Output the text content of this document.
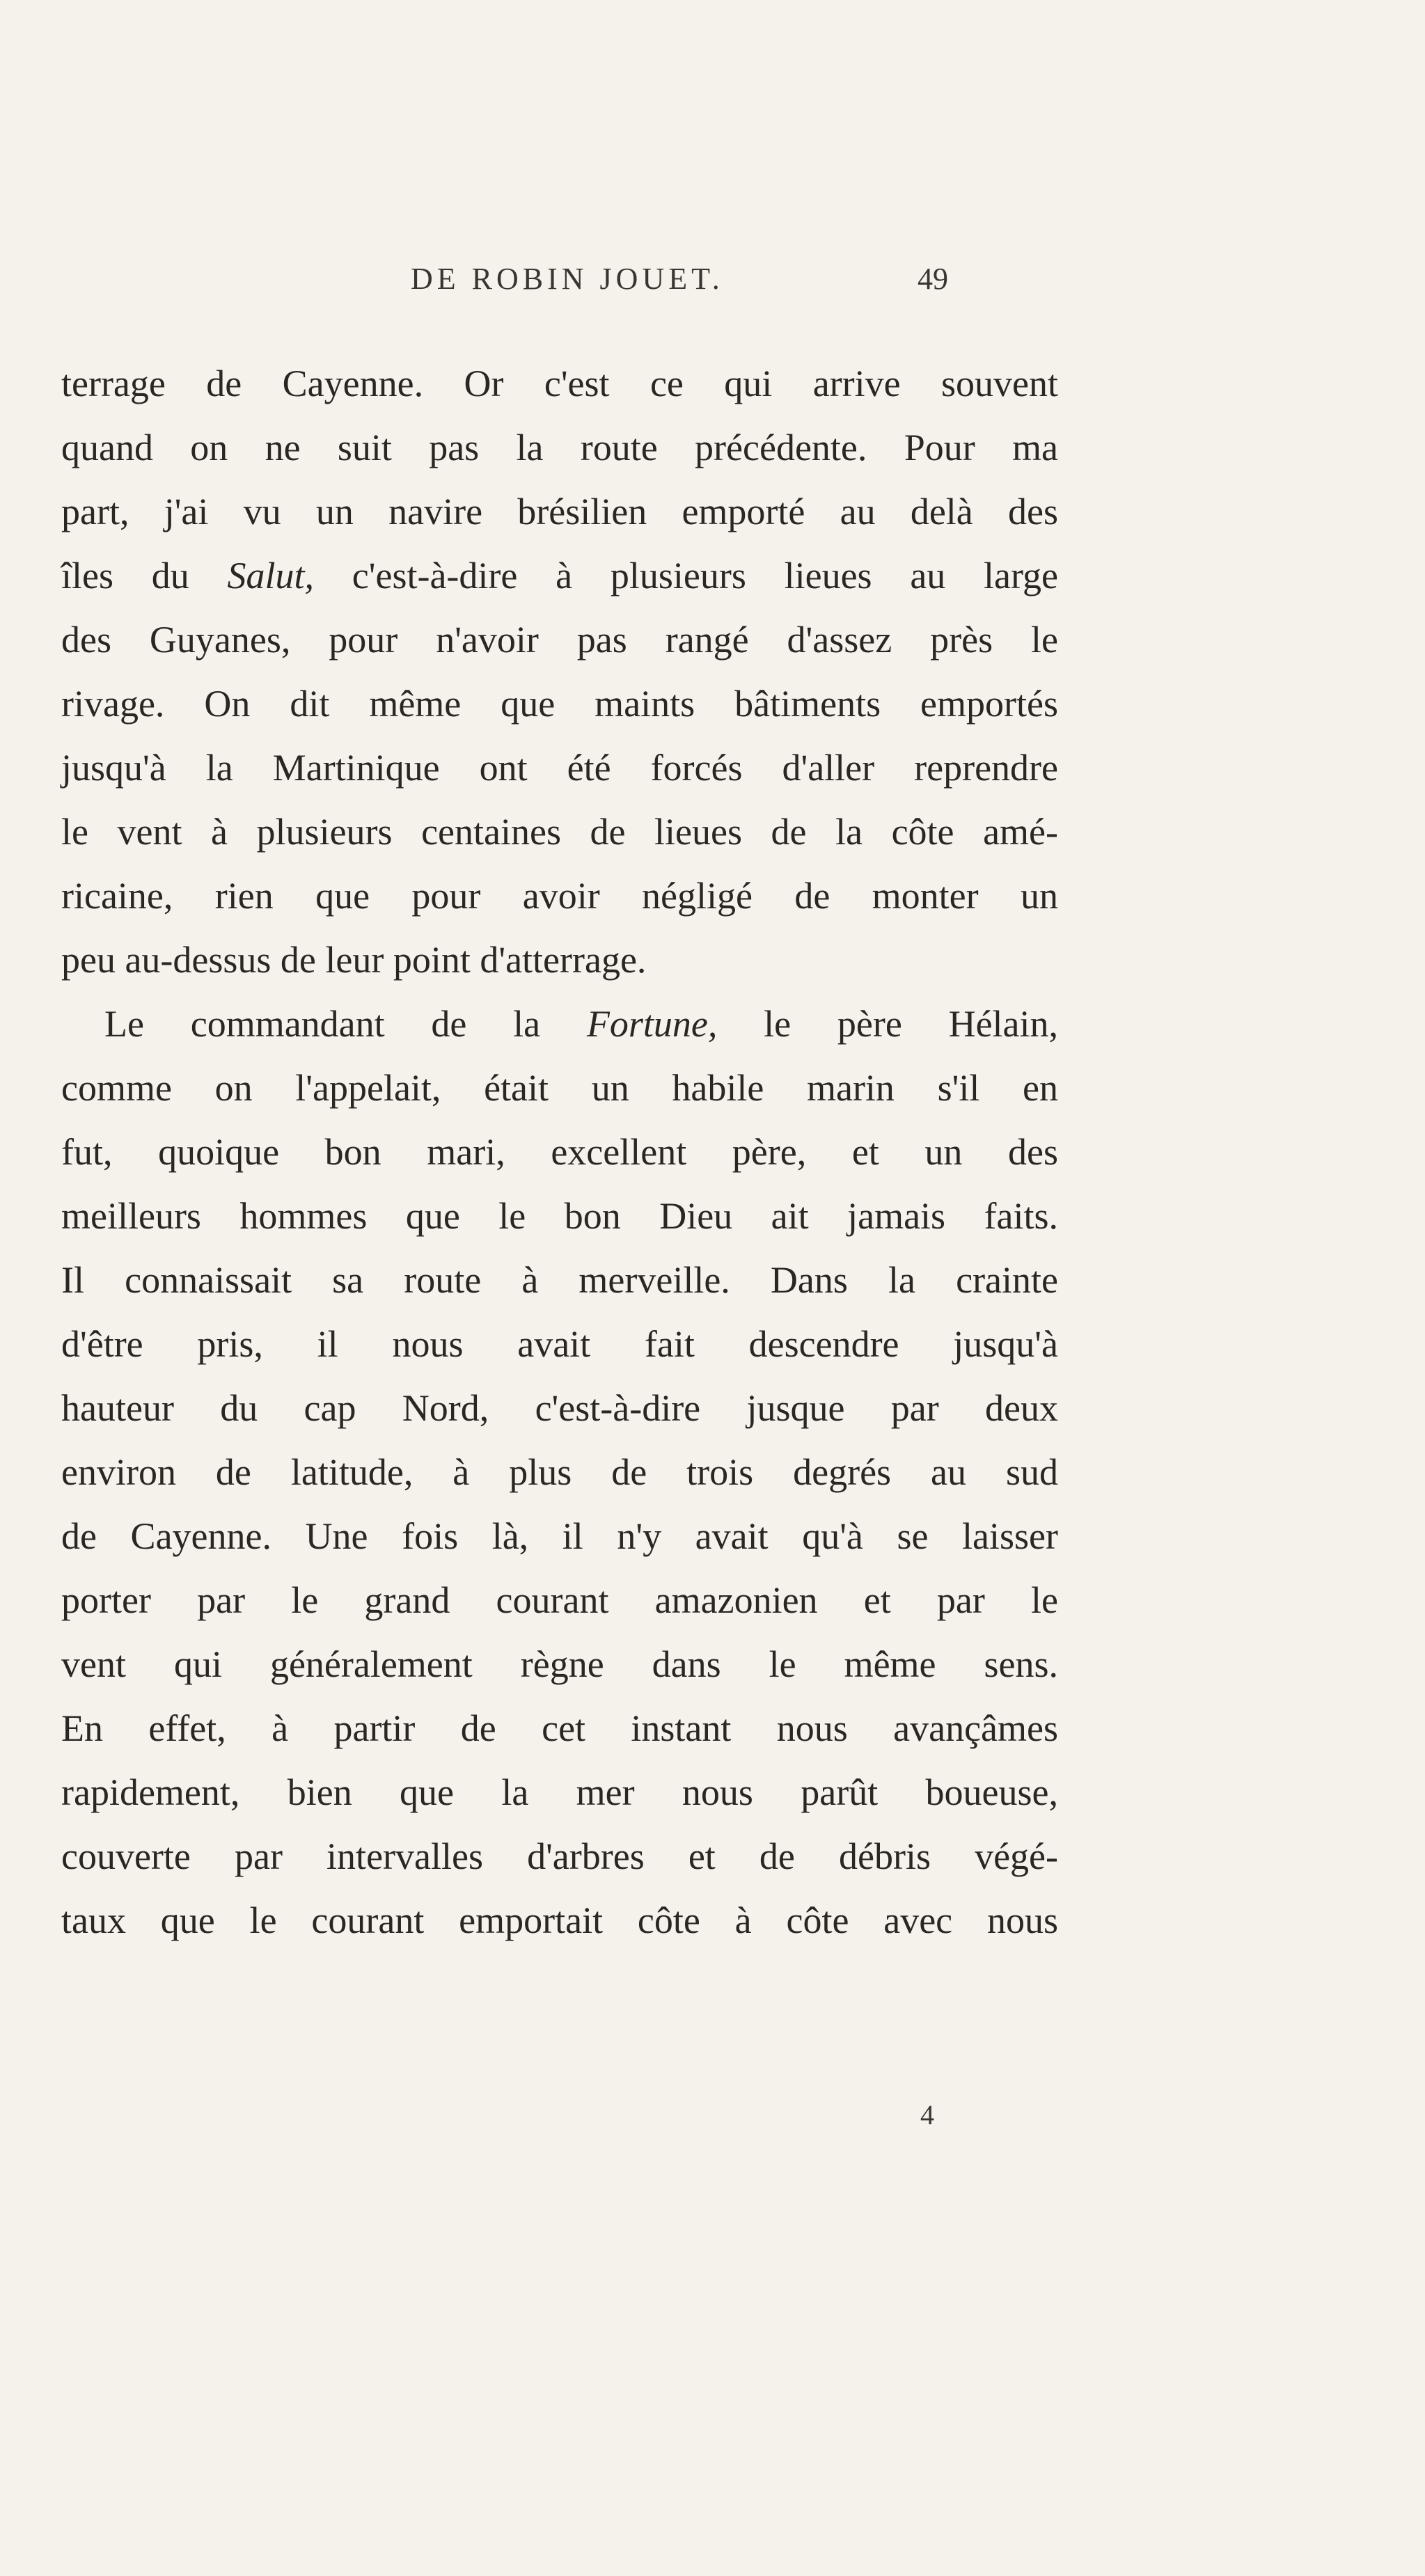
DE ROBIN JOUET.	49
terrage de Cayenne. Or c'est ce qui arrive souvent
quand on ne suit pas la route précédente. Pour ma
part, j'ai vu un navire brésilien emporté au delà des
îles du Salut, c'est-à-dire à plusieurs lieues au large
des Guyanes, pour n'avoir pas rangé d'assez près le
rivage. On dit même que maints bâtiments emportés
jusqu'à la Martinique ont été forcés d'aller reprendre
le vent à plusieurs centaines de lieues de la côte amé-
ricaine, rien que pour avoir négligé de monter un
peu au-dessus de leur point d'atterrage.
Le commandant de la Fortune, le père Hélain,
comme on l'appelait, était un habile marin s'il en
fut, quoique bon mari, excellent père, et un des
meilleurs hommes que le bon Dieu ait jamais faits.
Il connaissait sa route à merveille. Dans la crainte
d'être pris, il nous avait fait descendre jusqu'à
hauteur du cap Nord, c'est-à-dire jusque par deux
environ de latitude, à plus de trois degrés au sud
de Cayenne. Une fois là, il n'y avait qu'à se laisser
porter par le grand courant amazonien et par le
vent qui généralement règne dans le même sens.
En effet, à partir de cet instant nous avançâmes
rapidement, bien que la mer nous parût boueuse,
couverte par intervalles d'arbres et de débris végé-
taux que le courant emportait côte à côte avec nous
4
